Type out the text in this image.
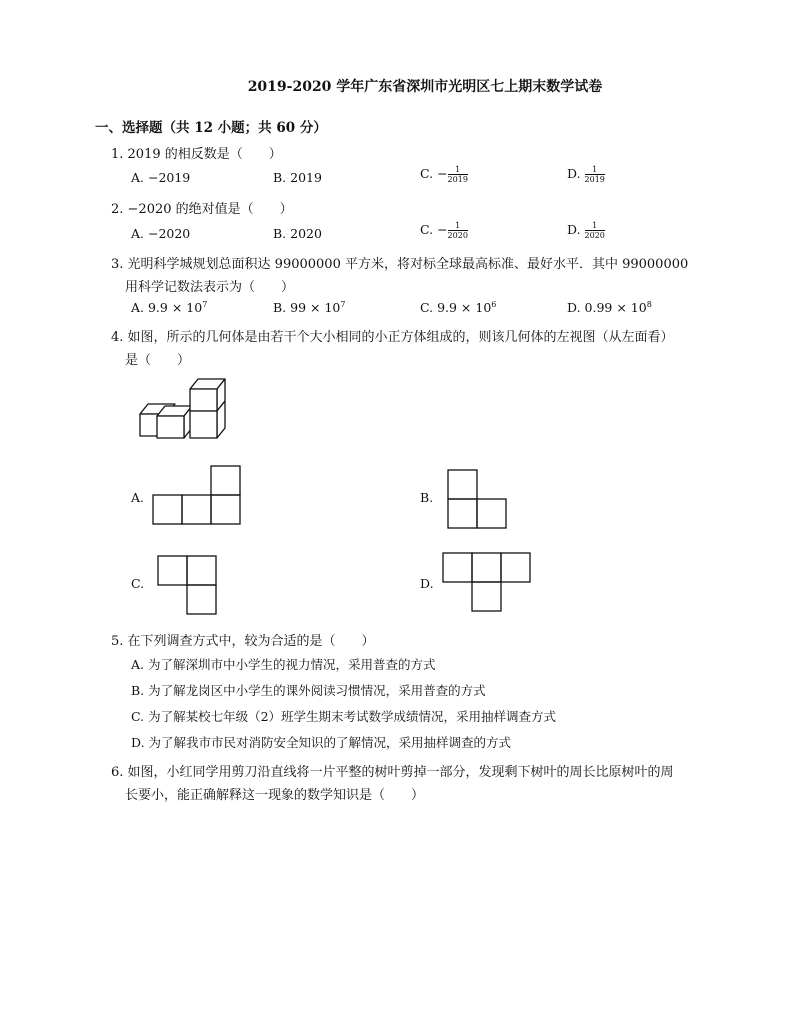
2019-2020 学年广东省深圳市光明区七上期末数学试卷
一、选择题（共 12 小题；共 60 分）
1. 2019 的相反数是（　　）
A. −2019	B. 2019	C. − $\frac{1}{2019}$	D. $\frac{1}{2019}$
2. −2020 的绝对值是（　　）
A. −2020	B. 2020	C. − $\frac{1}{2020}$	D. $\frac{1}{2020}$
3. 光明科学城规划总面积达 99000000 平方米，将对标全球最高标准、最好水平．其中 99000000
用科学记数法表示为（　　）
A. $9.9 \times 10^7$	B. $99 \times 10^7$	C. $9.9 \times 10^6$	D. $0.99 \times 10^8$
4. 如图，所示的几何体是由若干个大小相同的小正方体组成的，则该几何体的左视图（从左面看）
是（　　）
A.	B.
C.	D.
5. 在下列调查方式中，较为合适的是（　　）
A. 为了解深圳市中小学生的视力情况，采用普查的方式
B. 为了解龙岗区中小学生的课外阅读习惯情况，采用普查的方式
C. 为了解某校七年级（2）班学生期末考试数学成绩情况，采用抽样调查方式
D. 为了解我市市民对消防安全知识的了解情况，采用抽样调查的方式
6. 如图，小红同学用剪刀沿直线将一片平整的树叶剪掉一部分，发现剩下树叶的周长比原树叶的周
长要小，能正确解释这一现象的数学知识是（　　）
